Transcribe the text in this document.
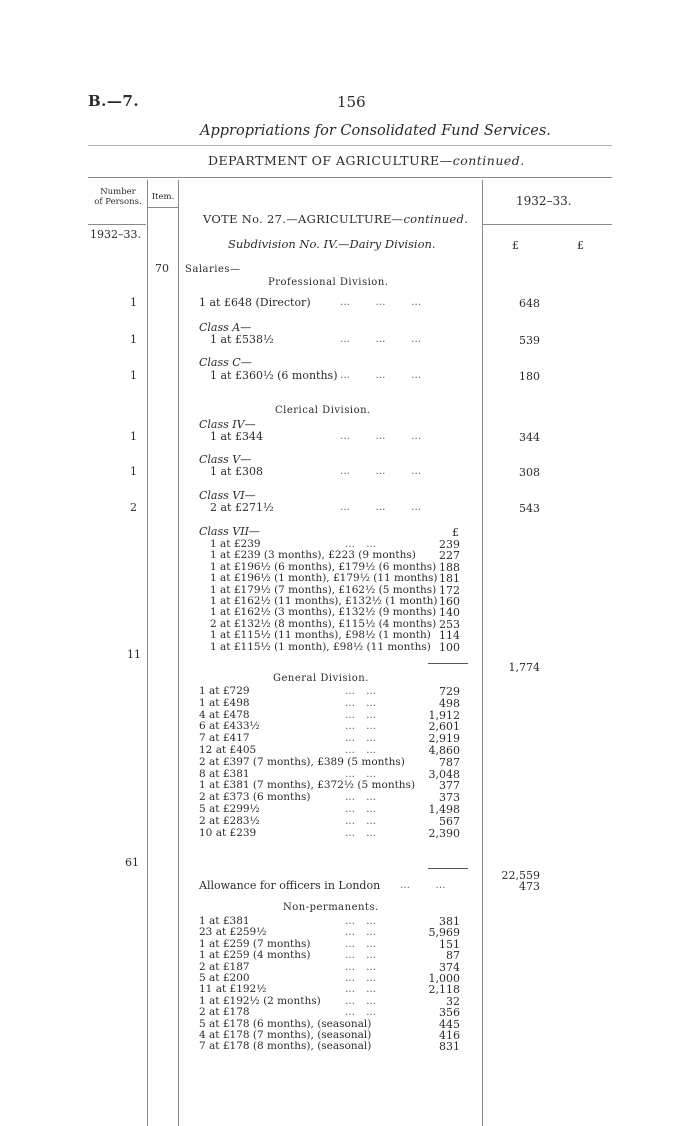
B.—7.	156
Appropriations for Consolidated Fund Services.
DEPARTMENT OF AGRICULTURE—continued.
Number
of Persons.	Item.
1932–33.
1932–33.
VOTE No. 27.—AGRICULTURE—continued.
Subdivision No. IV.—Dairy Division.	£	£
70 Salaries—
Professional Division.
1	1 at £648 (Director)	…   …   …	648
Class A—
1	1 at £538½	…   …   …	539
Class C—
1	1 at £360½ (6 months) …   …   …	180
Clerical Division.
Class IV—
1	1 at £344	…   …   …	344
Class V—
1	1 at £308	…   …   …	308
Class VI—
2	2 at £271½	…   …   …	543
Class VII—	£
1 at £239	… …	239
1 at £239 (3 months), £223 (9 months)	227
1 at £196½ (6 months), £179½ (6 months) 188
1 at £196½ (1 month), £179½ (11 months) 181
1 at £179½ (7 months), £162½ (5 months) 172
1 at £162½ (11 months), £132½ (1 month) 160
1 at £162½ (3 months), £132½ (9 months) 140
2 at £132½ (8 months), £115½ (4 months) 253
1 at £115½ (11 months), £98½ (1 month) 114
1 at £115½ (1 month), £98½ (11 months) 100
11
1,774
General Division.
1 at £729	… …	729
1 at £498	… …	498
4 at £478	… …	1,912
6 at £433½	… …	2,601
7 at £417	… …	2,919
12 at £405	… …	4,860
2 at £397 (7 months), £389 (5 months)	787
8 at £381	… …	3,048
1 at £381 (7 months), £372½ (5 months)	377
2 at £373 (6 months)	… …	373
5 at £299½	… …	1,498
2 at £283½	… …	567
10 at £239	… …	2,390
61
22,559
Allowance for officers in London …   …	473
Non-permanents.
1 at £381	… …	381
23 at £259½	… …	5,969
1 at £259 (7 months)	… …	151
1 at £259 (4 months)	… …	87
2 at £187	… …	374
5 at £200	… …	1,000
11 at £192½	… …	2,118
1 at £192½ (2 months) … …	32
2 at £178	… …	356
5 at £178 (6 months), (seasonal)	445
4 at £178 (7 months), (seasonal)	416
7 at £178 (8 months), (seasonal)	831
